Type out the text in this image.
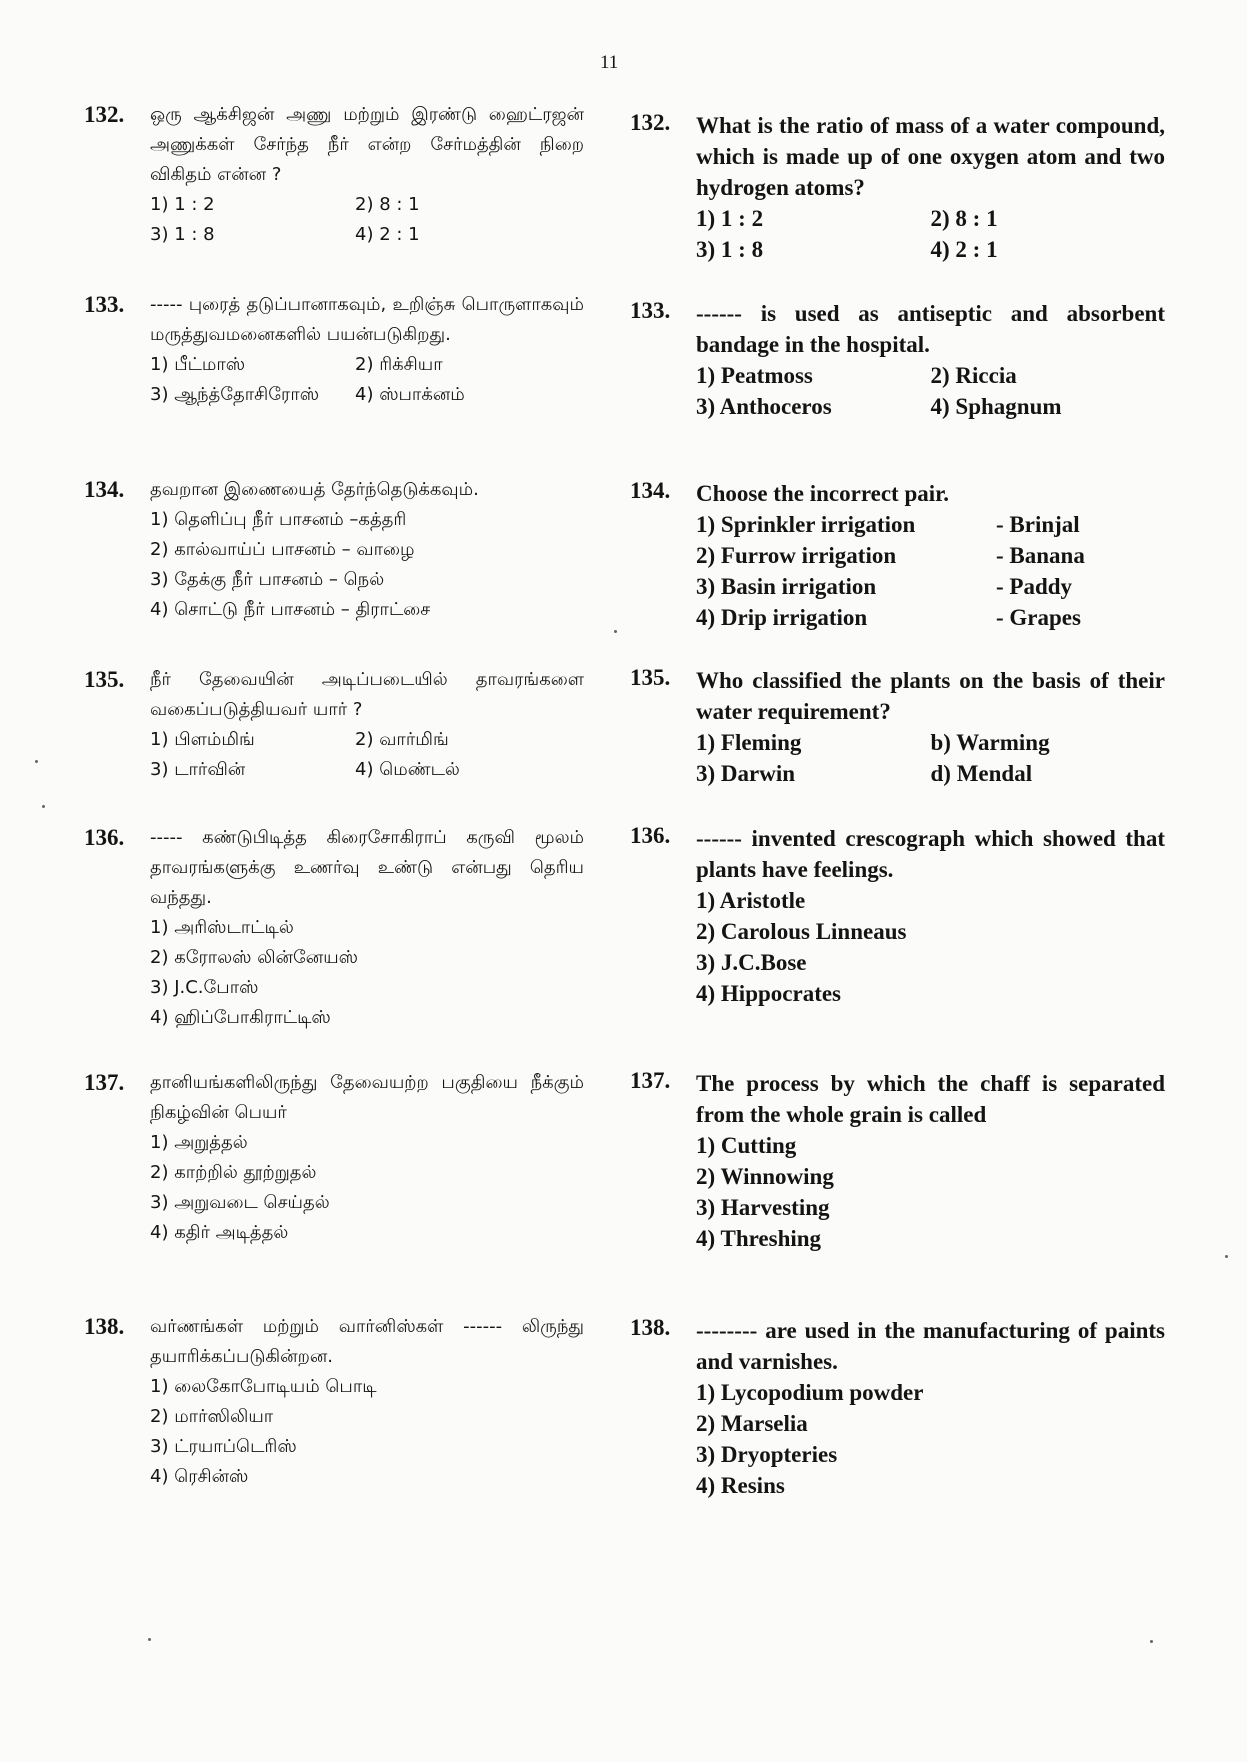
11
132. ஒரு ஆக்சிஜன் அணு மற்றும் இரண்டு ஹைட்ரஜன் அணுக்கள் சேர்ந்த நீர் என்ற சேர்மத்தின் நிறை விகிதம் என்ன ?
1) 1 : 2	2) 8 : 1
3) 1 : 8	4) 2 : 1
132. What is the ratio of mass of a water compound, which is made up of one oxygen atom and two hydrogen atoms?
1) 1 : 2	2) 8 : 1
3) 1 : 8	4) 2 : 1
133. ----- புரைத் தடுப்பானாகவும், உறிஞ்சு பொருளாகவும் மருத்துவமனைகளில் பயன்படுகிறது.
1) பீட்மாஸ்	2) ரிக்சியா
3) ஆந்த்தோசிரோஸ்	4) ஸ்பாக்னம்
133. ------ is used as antiseptic and absorbent bandage in the hospital.
1) Peatmoss	2) Riccia
3) Anthoceros	4) Sphagnum
134. தவறான இணையைத் தேர்ந்தெடுக்கவும்.
1) தெளிப்பு நீர் பாசனம் –கத்தரி
2) கால்வாய்ப் பாசனம் – வாழை
3) தேக்கு நீர் பாசனம் – நெல்
4) சொட்டு நீர் பாசனம் – திராட்சை
134. Choose the incorrect pair.
1) Sprinkler irrigation	- Brinjal
2) Furrow irrigation	- Banana
3) Basin irrigation	- Paddy
4) Drip irrigation	- Grapes
135. நீர் தேவையின் அடிப்படையில் தாவரங்களை வகைப்படுத்தியவர் யார் ?
1) பிளம்மிங்	2) வார்மிங்
3) டார்வின்	4) மெண்டல்
135. Who classified the plants on the basis of their water requirement?
1) Fleming	b) Warming
3) Darwin	d) Mendal
136. ----- கண்டுபிடித்த கிரைசோகிராப் கருவி மூலம் தாவரங்களுக்கு உணர்வு உண்டு என்பது தெரிய வந்தது.
1) அரிஸ்டாட்டில்
2) கரோலஸ் லின்னேயஸ்
3) J.C.போஸ்
4) ஹிப்போகிராட்டிஸ்
136. ------ invented crescograph which showed that plants have feelings.
1) Aristotle
2) Carolous Linneaus
3) J.C.Bose
4) Hippocrates
137. தானியங்களிலிருந்து தேவையற்ற பகுதியை நீக்கும் நிகழ்வின் பெயர்
1) அறுத்தல்
2) காற்றில் தூற்றுதல்
3) அறுவடை செய்தல்
4) கதிர் அடித்தல்
137. The process by which the chaff is separated from the whole grain is called
1) Cutting
2) Winnowing
3) Harvesting
4) Threshing
138. வர்ணங்கள் மற்றும் வார்னிஸ்கள் ------ லிருந்து தயாரிக்கப்படுகின்றன.
1) லைகோபோடியம் பொடி
2) மார்ஸிலியா
3) ட்ரயாப்டெரிஸ்
4) ரெசின்ஸ்
138. -------- are used in the manufacturing of paints and varnishes.
1) Lycopodium powder
2) Marselia
3) Dryopteries
4) Resins
